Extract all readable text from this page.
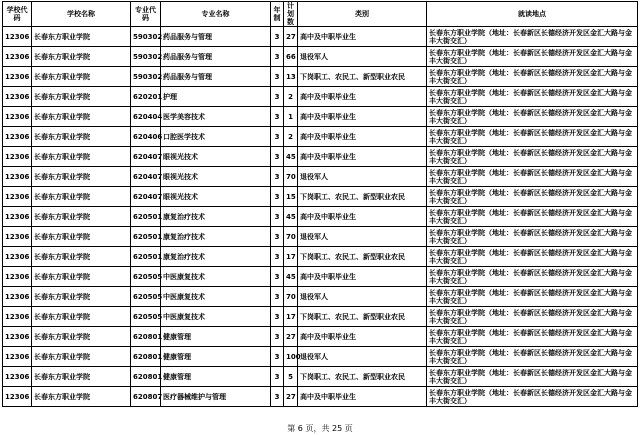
学校代码	学校名称	专业代码	专业名称	年制	计划数	类别	就读地点
12306	长春东方职业学院	590302	药品服务与管理	3	27	高中及中职毕业生	长春东方职业学院（地址：长春新区长德经济开发区金汇大路与金丰大街交汇）
12306	长春东方职业学院	590302	药品服务与管理	3	66	退役军人	长春东方职业学院（地址：长春新区长德经济开发区金汇大路与金丰大街交汇）
12306	长春东方职业学院	590302	药品服务与管理	3	13	下岗职工、农民工、新型职业农民	长春东方职业学院（地址：长春新区长德经济开发区金汇大路与金丰大街交汇）
12306	长春东方职业学院	620201	护理	3	2	高中及中职毕业生	长春东方职业学院（地址：长春新区长德经济开发区金汇大路与金丰大街交汇）
12306	长春东方职业学院	620404	医学美容技术	3	1	高中及中职毕业生	长春东方职业学院（地址：长春新区长德经济开发区金汇大路与金丰大街交汇）
12306	长春东方职业学院	620406	口腔医学技术	3	2	高中及中职毕业生	长春东方职业学院（地址：长春新区长德经济开发区金汇大路与金丰大街交汇）
12306	长春东方职业学院	620407	眼视光技术	3	45	高中及中职毕业生	长春东方职业学院（地址：长春新区长德经济开发区金汇大路与金丰大街交汇）
12306	长春东方职业学院	620407	眼视光技术	3	70	退役军人	长春东方职业学院（地址：长春新区长德经济开发区金汇大路与金丰大街交汇）
12306	长春东方职业学院	620407	眼视光技术	3	15	下岗职工、农民工、新型职业农民	长春东方职业学院（地址：长春新区长德经济开发区金汇大路与金丰大街交汇）
12306	长春东方职业学院	620501	康复治疗技术	3	45	高中及中职毕业生	长春东方职业学院（地址：长春新区长德经济开发区金汇大路与金丰大街交汇）
12306	长春东方职业学院	620501	康复治疗技术	3	70	退役军人	长春东方职业学院（地址：长春新区长德经济开发区金汇大路与金丰大街交汇）
12306	长春东方职业学院	620501	康复治疗技术	3	17	下岗职工、农民工、新型职业农民	长春东方职业学院（地址：长春新区长德经济开发区金汇大路与金丰大街交汇）
12306	长春东方职业学院	620505	中医康复技术	3	45	高中及中职毕业生	长春东方职业学院（地址：长春新区长德经济开发区金汇大路与金丰大街交汇）
12306	长春东方职业学院	620505	中医康复技术	3	70	退役军人	长春东方职业学院（地址：长春新区长德经济开发区金汇大路与金丰大街交汇）
12306	长春东方职业学院	620505	中医康复技术	3	17	下岗职工、农民工、新型职业农民	长春东方职业学院（地址：长春新区长德经济开发区金汇大路与金丰大街交汇）
12306	长春东方职业学院	620801	健康管理	3	27	高中及中职毕业生	长春东方职业学院（地址：长春新区长德经济开发区金汇大路与金丰大街交汇）
12306	长春东方职业学院	620801	健康管理	3	100	退役军人	长春东方职业学院（地址：长春新区长德经济开发区金汇大路与金丰大街交汇）
12306	长春东方职业学院	620801	健康管理	3	5	下岗职工、农民工、新型职业农民	长春东方职业学院（地址：长春新区长德经济开发区金汇大路与金丰大街交汇）
12306	长春东方职业学院	620807	医疗器械维护与管理	3	27	高中及中职毕业生	长春东方职业学院（地址：长春新区长德经济开发区金汇大路与金丰大街交汇）
第 6 页，共 25 页
